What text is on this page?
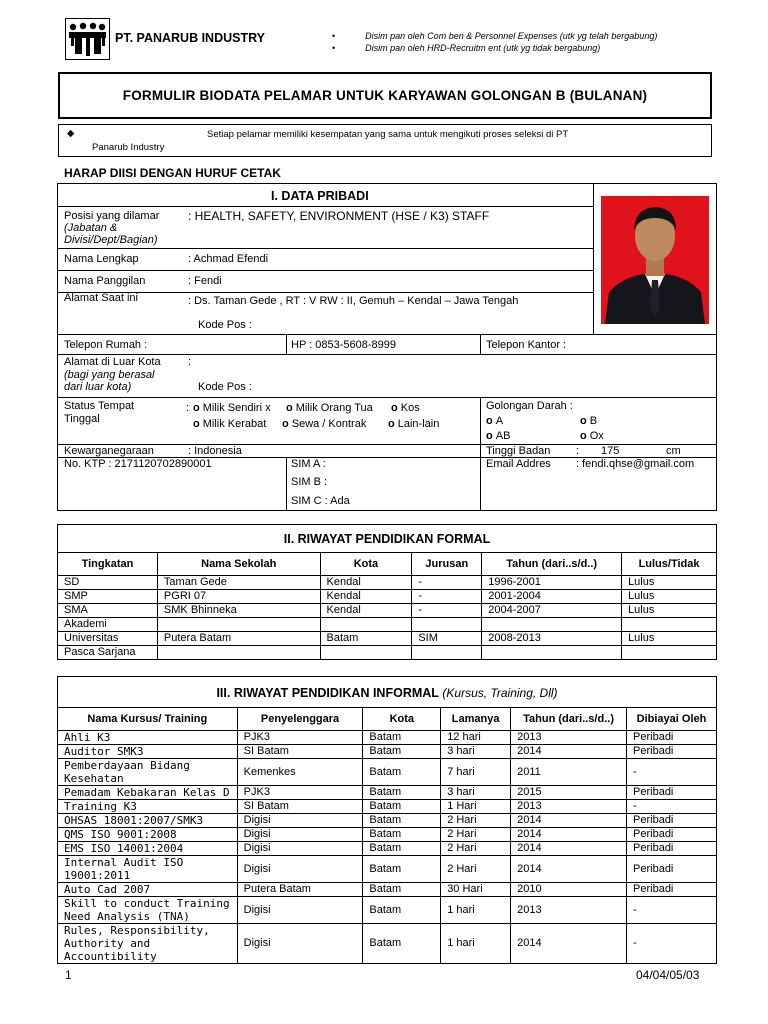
PT. PANARUB INDUSTRY	•	Disim pan oleh Com ben & Personnel Expenses (utk yg telah bergabung)
•	Disim pan oleh HRD-Recruitm ent (utk yg tidak bergabung)
FORMULIR BIODATA PELAMAR UNTUK KARYAWAN GOLONGAN B (BULANAN)
◆	Setiap pelamar memiliki kesempatan yang sama untuk mengikuti proses seleksi di PT
Panarub Industry
HARAP DIISI DENGAN HURUF CETAK
I. DATA PRIBADI
Posisi yang dilamar
(Jabatan &
Divisi/Dept/Bagian)
: HEALTH, SAFETY, ENVIRONMENT (HSE / K3) STAFF
Nama Lengkap	: Achmad Efendi
Nama Panggilan	: Fendi
Alamat Saat ini	: Ds. Taman Gede , RT : V RW : II, Gemuh – Kendal – Jawa Tengah
Kode Pos :
Telepon Rumah :	HP : 0853-5608-8999	Telepon Kantor :
Alamat di Luar Kota :
(bagi yang berasal
dari luar kota)	Kode Pos :
Status Tempat
Tinggal
: o Milik Sendiri x o Milik Orang Tua o Kos
o Milik Kerabat o Sewa / Kontrak o Lain-lain
Golongan Darah :
o A	o B
o AB	o Ox
Kewarganegaraan	: Indonesia	Tinggi Badan : 175	cm
No. KTP : 2171120702890001	SIM A :
SIM B :
SIM C : Ada
Email Addres : fendi.qhse@gmail.com
II. RIWAYAT PENDIDIKAN FORMAL
Tingkatan	Nama Sekolah	Kota	Jurusan	Tahun (dari..s/d..)	Lulus/Tidak
SD	Taman Gede	Kendal	-	1996-2001	Lulus
SMP	PGRI 07	Kendal	-	2001-2004	Lulus
SMA	SMK Bhinneka	Kendal	-	2004-2007	Lulus
Akademi					
Universitas	Putera Batam	Batam	SIM	2008-2013	Lulus
Pasca Sarjana					
III. RIWAYAT PENDIDIKAN INFORMAL
(Kursus, Training, Dll)
Nama Kursus/ Training	Penyelenggara	Kota	Lamanya	Tahun (dari..s/d..)	Dibiayai Oleh
Ahli K3	PJK3	Batam	12 hari	2013	Peribadi
Auditor SMK3	SI Batam	Batam	3 hari	2014	Peribadi
Pemberdayaan Bidang Kesehatan	Kemenkes	Batam	7 hari	2011	-
Pemadam Kebakaran Kelas D	PJK3	Batam	3 hari	2015	Peribadi
Training K3	SI Batam	Batam	1 Hari	2013	-
OHSAS 18001:2007/SMK3	Digisi	Batam	2 Hari	2014	Peribadi
QMS ISO 9001:2008	Digisi	Batam	2 Hari	2014	Peribadi
EMS ISO 14001:2004	Digisi	Batam	2 Hari	2014	Peribadi
Internal Audit ISO 19001:2011	Digisi	Batam	2 Hari	2014	Peribadi
Auto Cad 2007	Putera Batam	Batam	30 Hari	2010	Peribadi
Skill to conduct Training Need Analysis (TNA)	Digisi	Batam	1 hari	2013	-
Rules, Responsibility, Authority and Accountibility	Digisi	Batam	1 hari	2014	-
1	04/04/05/03
